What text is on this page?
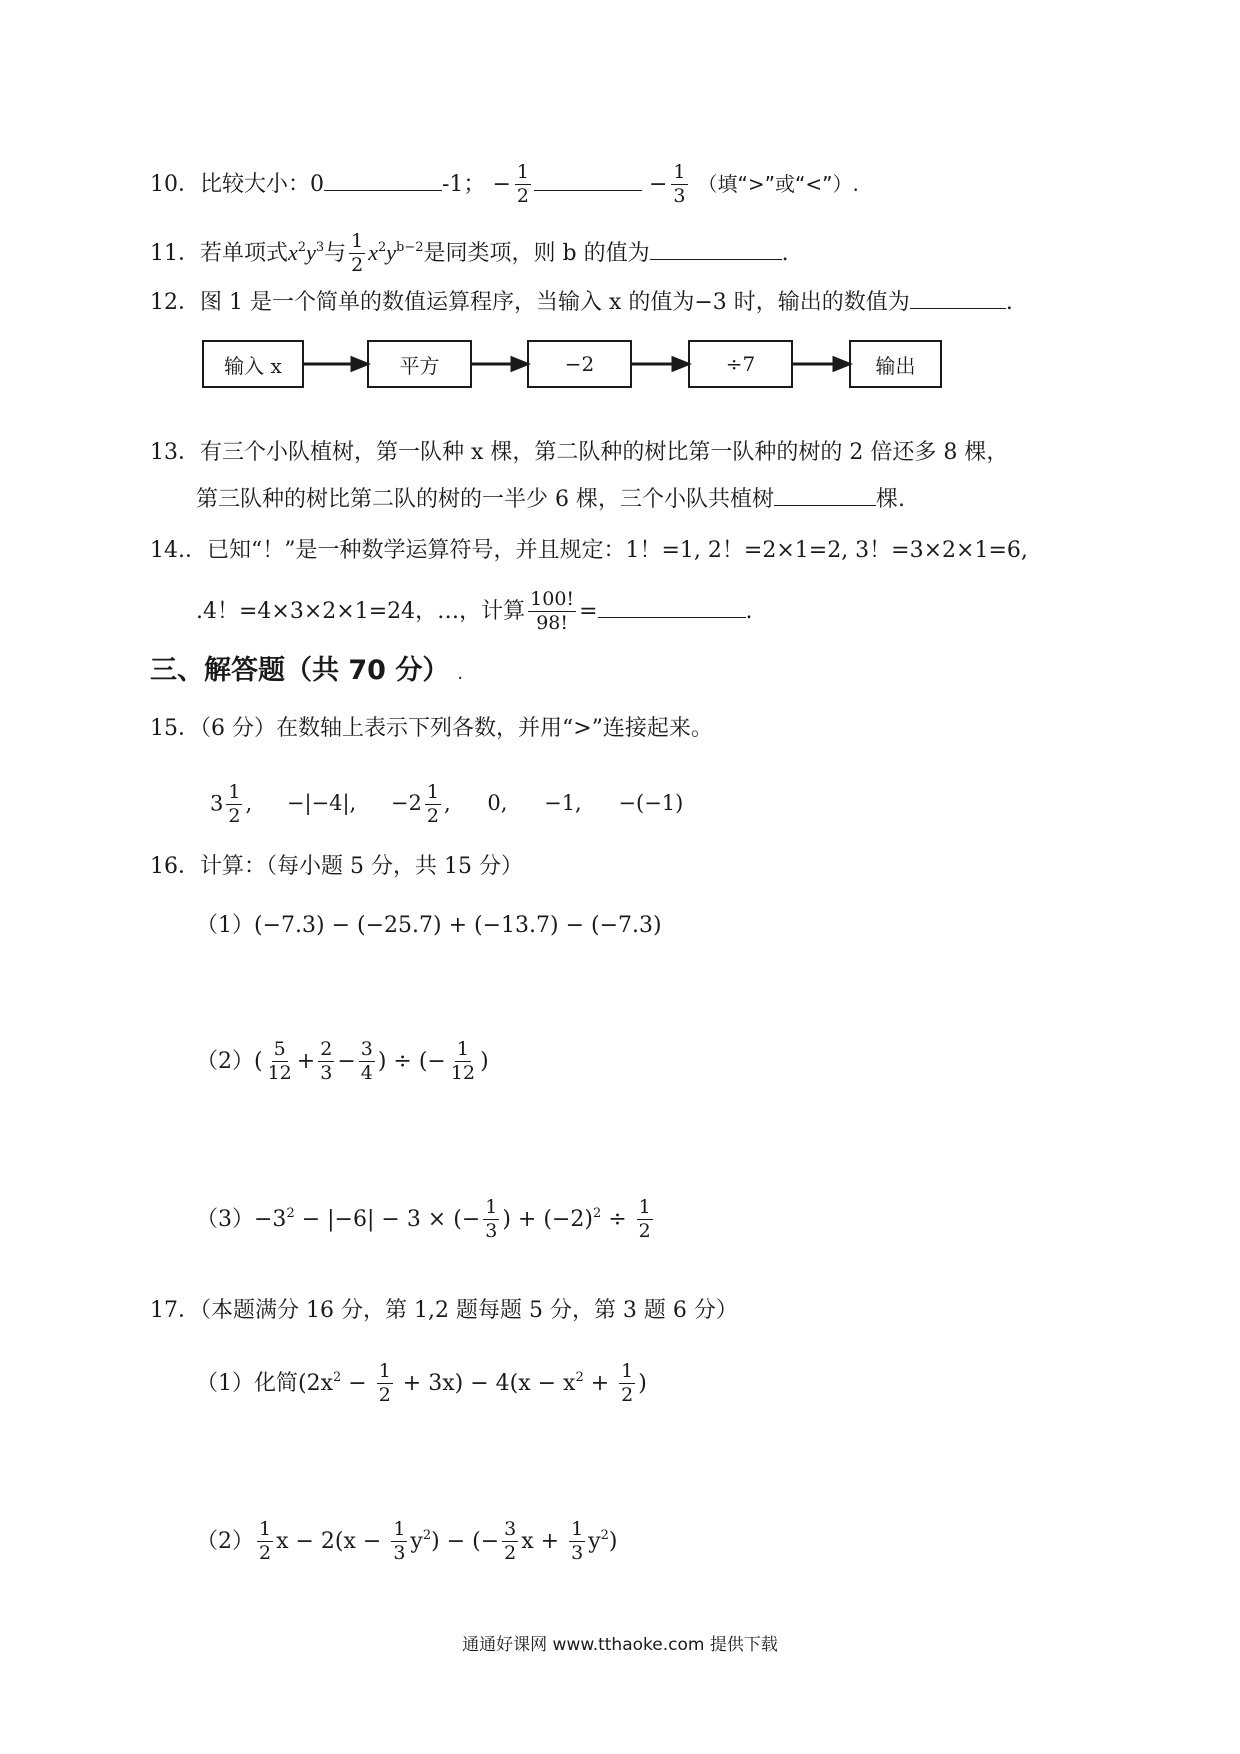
10．比较大小：0	-1； − $\frac{1}{2}$	− $\frac{1}{3}$ （填“>”或“<”）.
11．若单项式$x^2y^3$与 $\frac{1}{2} x^2y^{b-2}$是同类项，则 b 的值为	.
12．图 1 是一个简单的数值运算程序，当输入 x 的值为−3 时，输出的数值为	.
输入 x	平方	−2	÷7	输出
13．有三个小队植树，第一队种 x 棵，第二队种的树比第一队种的树的 2 倍还多 8 棵，
第三队种的树比第二队的树的一半少 6 棵，三个小队共植树	棵.
14.．已知“！”是一种数学运算符号，并且规定：1！=1, 2！=2×1=2, 3！=3×2×1=6,
.4！=4×3×2×1=24，…，计算 $\frac{100!}{98!}$ =	.
三、解答题（共 70 分） .
15．（6 分）在数轴上表示下列各数，并用“>”连接起来。
$3 \frac{1}{2}$ , −|−4|, $-2 \frac{1}{2}$ , 0, −1, −(−1)
16．计算：（每小题 5 分，共 15 分）
（1）(−7.3) − (−25.7) + (−13.7) − (−7.3)
$(2)( \frac{5}{12} + \frac{2}{3} - \frac{3}{4}$ ) ÷ (− $\frac{1}{12}$ )
$(3)-3^2 - |-6| - 3$ × (− $\frac{1}{3}$ ) + $(-2)^2 \div \frac{1}{2}$
17．（本题满分 16 分，第 1,2 题每题 5 分，第 3 题 6 分）
（1）化简$(2x^2 - \frac{1}{2} + 3x) - 4(x - x^2 + \frac{1}{2}$ )
$(2) \frac{1}{2}$ $x - 2(x - \frac{1}{3} y^2)$ − (− $\frac{3}{2}$ $x + \frac{1}{3} y^2$)
通通好课网 www.tthaoke.com 提供下载
